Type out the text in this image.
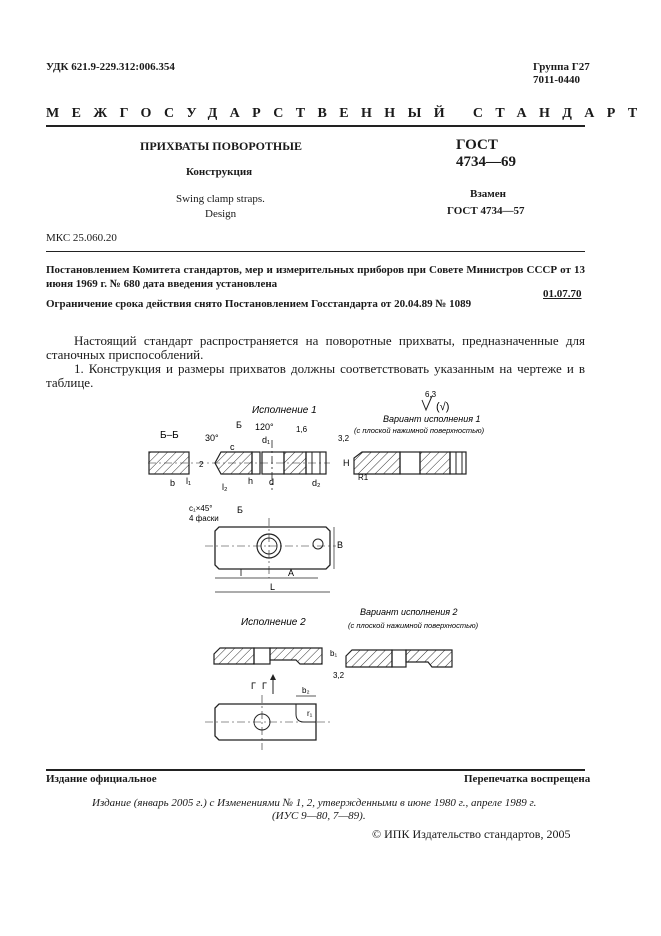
УДК 621.9-229.312:006.354	Группа Г27
7011-0440
МЕЖГОСУДАРСТВЕННЫЙ СТАНДАРТ
ПРИХВАТЫ ПОВОРОТНЫЕ
Конструкция
Swing clamp straps.
Design
ГОСТ
4734—69
Взамен
ГОСТ 4734—57
МКС 25.060.20
Постановлением Комитета стандартов, мер и измерительных приборов при Совете Министров СССР от 13 июня 1969 г. № 680 дата введения установлена
01.07.70
Ограничение срока действия снято Постановлением Госстандарта от 20.04.89 № 1089
Настоящий стандарт распространяется на поворотные прихваты, предназначенные для станочных приспособлений.
1. Конструкция и размеры прихватов должны соответствовать указанным на чертеже и в таблице.
Исполнение 1
Вариант исполнения 1
(с плоской нажимной поверхностью)
Б–Б
6,3
(√)
Б 120°
30°
c
d₁
1,6
3,2
H
h d	d₂
b l₁
l₂
2
R1
c₁×45°
4 фаски
Б
l	A
L
B
Исполнение 2
Вариант исполнения 2
(с плоской нажимной поверхностью)
b₁
3,2
Г Г	b₂
r₁
Издание официальное	Перепечатка воспрещена
Издание (январь 2005 г.) с Изменениями № 1, 2, утвержденными в июне 1980 г., апреле 1989 г.
(ИУС 9—80, 7—89).
© ИПК Издательство стандартов, 2005
